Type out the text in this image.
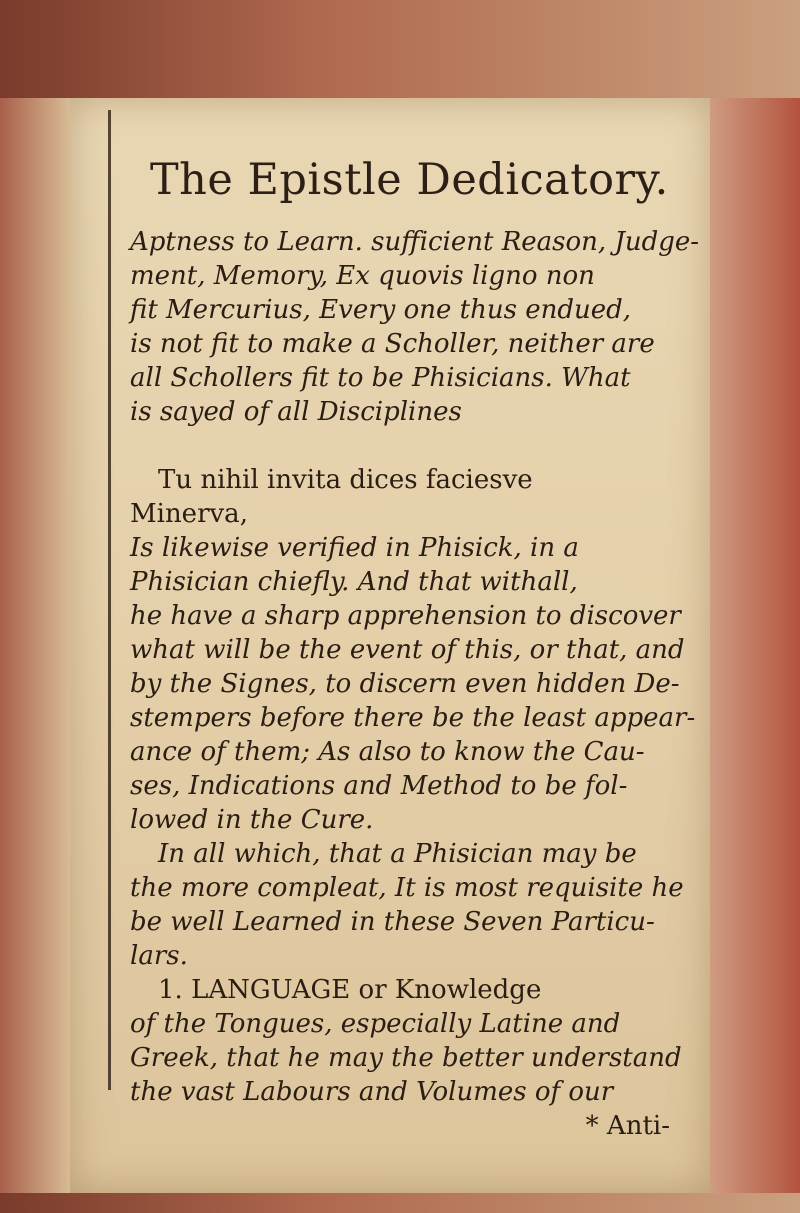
The Epistle Dedicatory.
Aptness to Learn. sufficient Reason, Judge-
ment, Memory, Ex quovis ligno non
fit Mercurius, Every one thus endued,
is not fit to make a Scholler, neither are
all Schollers fit to be Phisicians. What
is sayed of all Disciplines
Tu nihil invita dices faciesve
Minerva,
Is likewise verified in Phisick, in a
Phisician chiefly. And that withall,
he have a sharp apprehension to discover
what will be the event of this, or that, and
by the Signes, to discern even hidden De-
stempers before there be the least appear-
ance of them; As also to know the Cau-
ses, Indications and Method to be fol-
lowed in the Cure.
In all which, that a Phisician may be
the more compleat, It is most requisite he
be well Learned in these Seven Particu-
lars.
1. LANGUAGE or Knowledge
of the Tongues, especially Latine and
Greek, that he may the better understand
the vast Labours and Volumes of our
* Anti-
